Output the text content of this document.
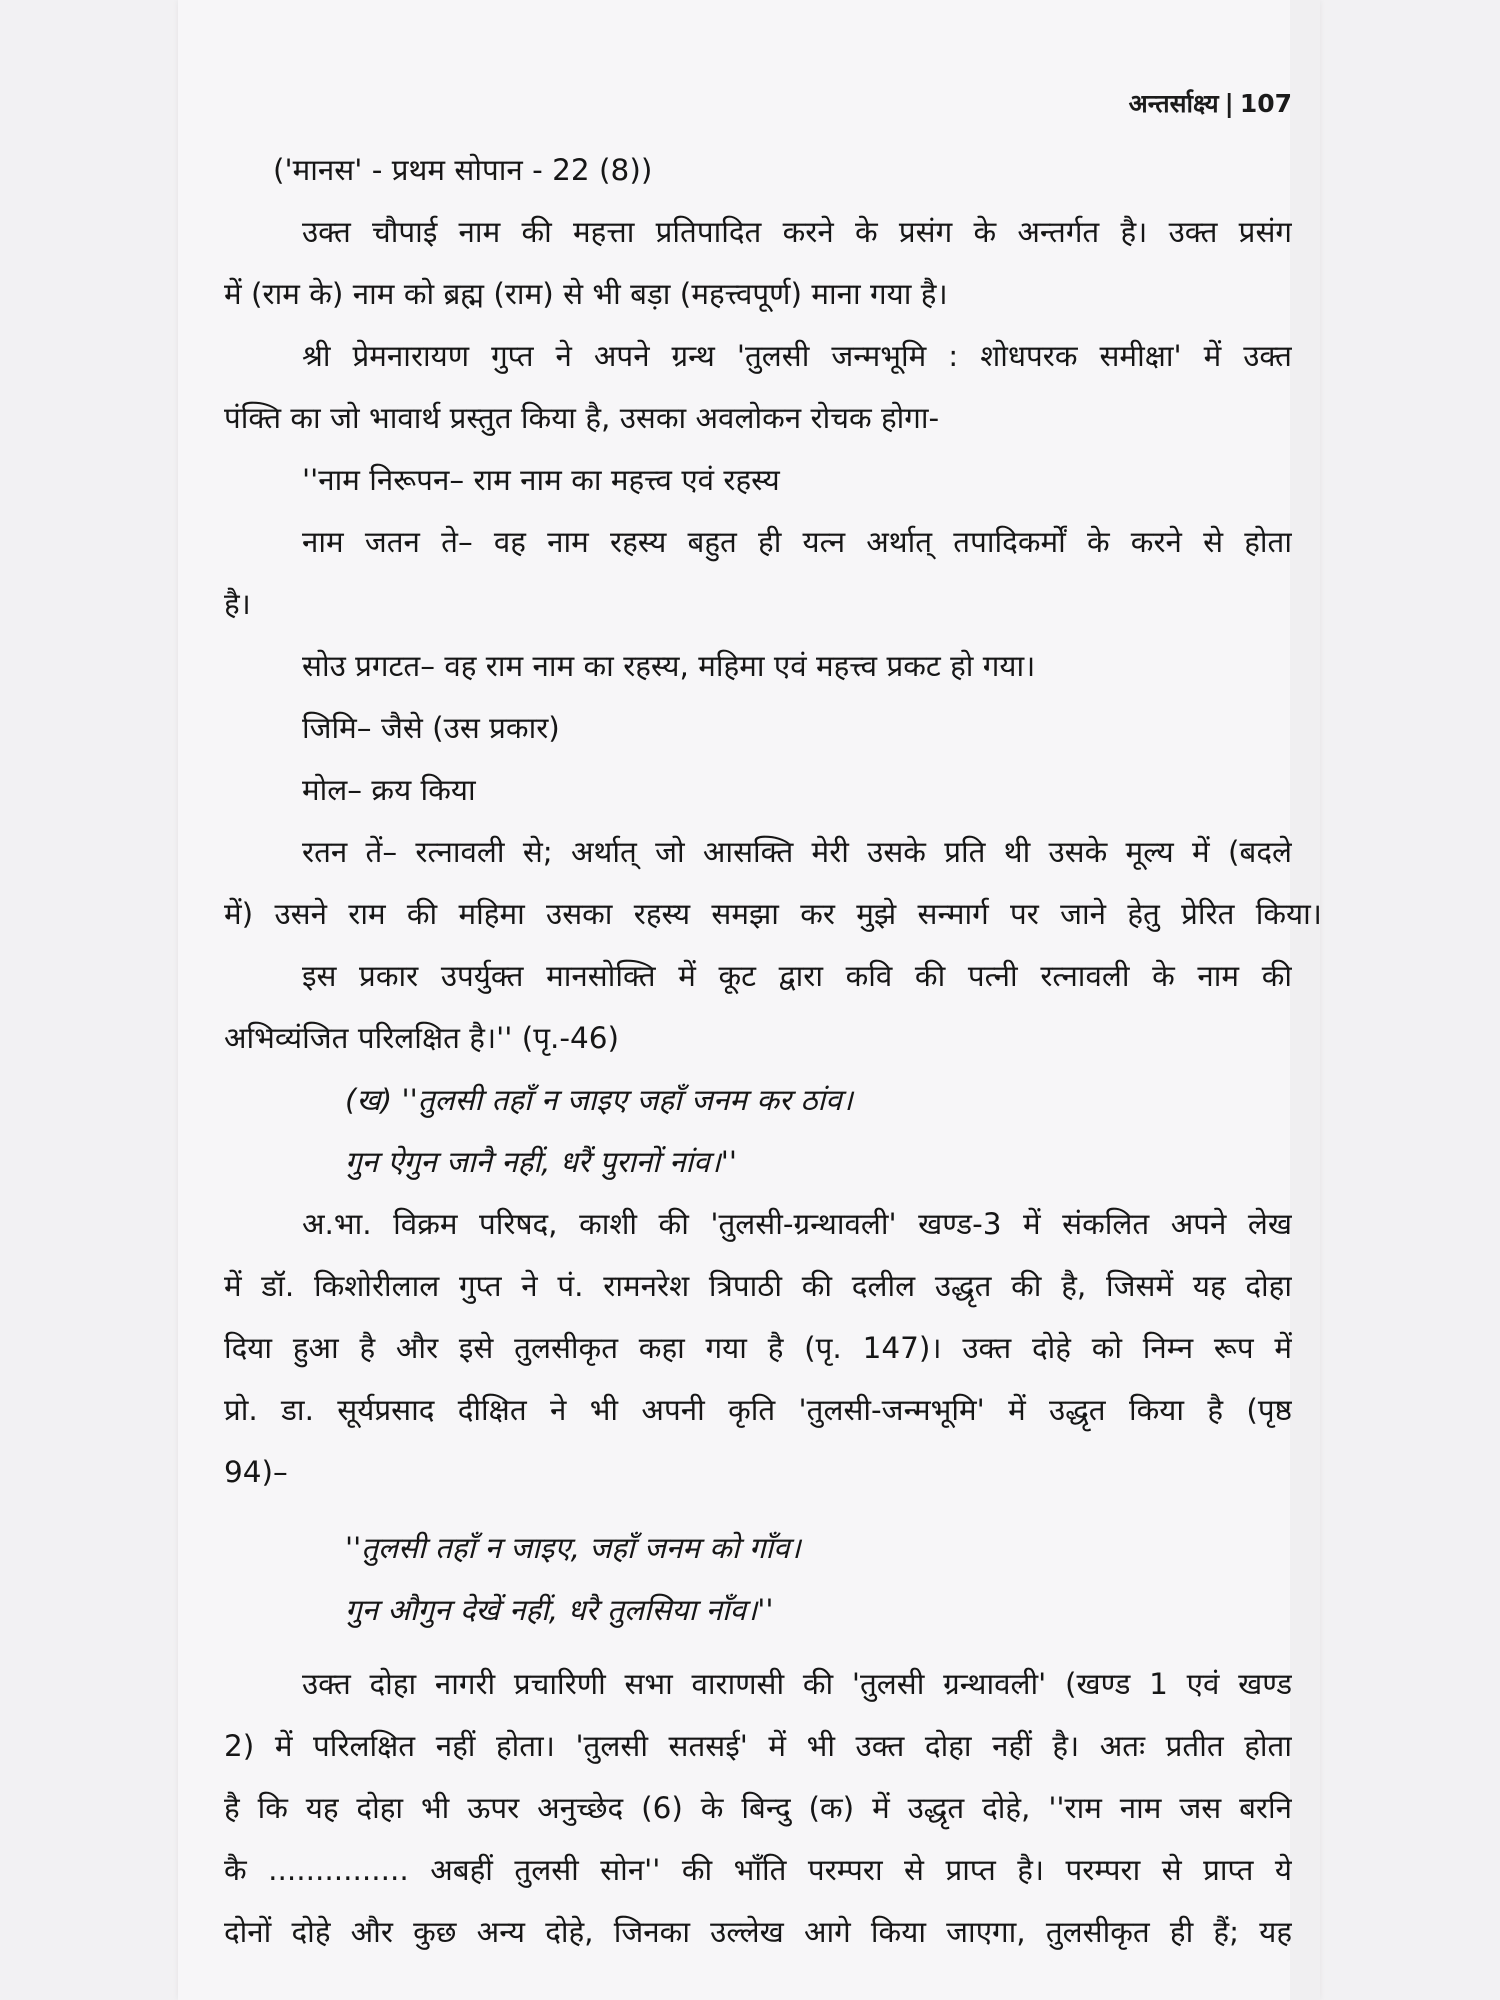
अन्तर्साक्ष्य | 107
('मानस' - प्रथम सोपान - 22 (8))
उक्त चौपाई नाम की महत्ता प्रतिपादित करने के प्रसंग के अन्तर्गत है। उक्त प्रसंग
में (राम के) नाम को ब्रह्म (राम) से भी बड़ा (महत्त्वपूर्ण) माना गया है।
श्री प्रेमनारायण गुप्त ने अपने ग्रन्थ 'तुलसी जन्मभूमि : शोधपरक समीक्षा' में उक्त
पंक्ति का जो भावार्थ प्रस्तुत किया है, उसका अवलोकन रोचक होगा-
''नाम निरूपन– राम नाम का महत्त्व एवं रहस्य
नाम जतन ते– वह नाम रहस्य बहुत ही यत्न अर्थात् तपादिकर्मों के करने से होता
है।
सोउ प्रगटत– वह राम नाम का रहस्य, महिमा एवं महत्त्व प्रकट हो गया।
जिमि– जैसे (उस प्रकार)
मोल– क्रय किया
रतन तें– रत्नावली से; अर्थात् जो आसक्ति मेरी उसके प्रति थी उसके मूल्य में (बदले
में) उसने राम की महिमा उसका रहस्य समझा कर मुझे सन्मार्ग पर जाने हेतु प्रेरित किया।
इस प्रकार उपर्युक्त मानसोक्ति में कूट द्वारा कवि की पत्नी रत्नावली के नाम की
अभिव्यंजित परिलक्षित है।'' (पृ.-46)
(ख) ''तुलसी तहाँ न जाइए जहाँ जनम कर ठांव।
गुन ऐगुन जानै नहीं, धरैं पुरानों नांव।''
अ.भा. विक्रम परिषद, काशी की 'तुलसी-ग्रन्थावली' खण्ड-3 में संकलित अपने लेख
में डॉ. किशोरीलाल गुप्त ने पं. रामनरेश त्रिपाठी की दलील उद्धृत की है, जिसमें यह दोहा
दिया हुआ है और इसे तुलसीकृत कहा गया है (पृ. 147)। उक्त दोहे को निम्न रूप में
प्रो. डा. सूर्यप्रसाद दीक्षित ने भी अपनी कृति 'तुलसी-जन्मभूमि' में उद्धृत किया है (पृष्ठ
94)–
''तुलसी तहाँ न जाइए, जहाँ जनम को गाँव।
गुन औगुन देखें नहीं, धरै तुलसिया नाँव।''
उक्त दोहा नागरी प्रचारिणी सभा वाराणसी की 'तुलसी ग्रन्थावली' (खण्ड 1 एवं खण्ड
2) में परिलक्षित नहीं होता। 'तुलसी सतसई' में भी उक्त दोहा नहीं है। अतः प्रतीत होता
है कि यह दोहा भी ऊपर अनुच्छेद (6) के बिन्दु (क) में उद्धृत दोहे, ''राम नाम जस बरनि
कै ............... अबहीं तुलसी सोन'' की भाँति परम्परा से प्राप्त है। परम्परा से प्राप्त ये
दोनों दोहे और कुछ अन्य दोहे, जिनका उल्लेख आगे किया जाएगा, तुलसीकृत ही हैं; यह
